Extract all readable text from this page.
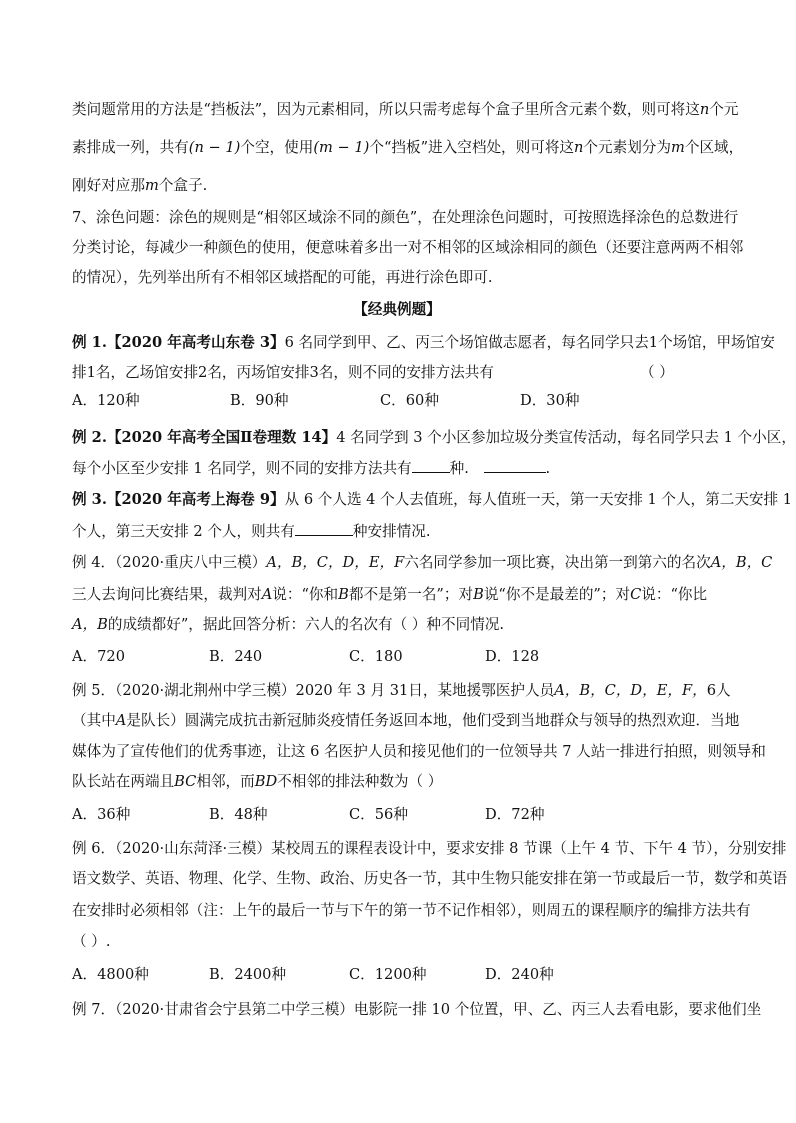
类问题常用的方法是“挡板法”，因为元素相同，所以只需考虑每个盒子里所含元素个数，则可将这n个元
素排成一列，共有(n − 1)个空，使用(m − 1)个“挡板”进入空档处，则可将这n个元素划分为m个区域，
刚好对应那m个盒子.
7、涂色问题：涂色的规则是“相邻区域涂不同的颜色”，在处理涂色问题时，可按照选择涂色的总数进行
分类讨论，每减少一种颜色的使用，便意味着多出一对不相邻的区域涂相同的颜色（还要注意两两不相邻
的情况），先列举出所有不相邻区域搭配的可能，再进行涂色即可.
【经典例题】
例 1.【2020 年高考山东卷 3】6 名同学到甲、乙、丙三个场馆做志愿者，每名同学只去1个场馆，甲场馆安
排1名，乙场馆安排2名，丙场馆安排3名，则不同的安排方法共有	（ ）
A．120种	B．90种	C．60种	D．30种
例 2.【2020 年高考全国Ⅱ卷理数 14】4 名同学到 3 个小区参加垃圾分类宣传活动，每名同学只去 1 个小区，
每个小区至少安排 1 名同学，则不同的安排方法共有	种.	.
例 3.【2020 年高考上海卷 9】从 6 个人选 4 个人去值班，每人值班一天，第一天安排 1 个人，第二天安排 1
个人，第三天安排 2 个人，则共有	种安排情况.
例 4．（2020·重庆八中三模）A，B，C，D，E，F六名同学参加一项比赛，决出第一到第六的名次A，B，C
三人去询问比赛结果，裁判对A说：“你和B都不是第一名”；对B说“你不是最差的”；对C说：“你比
A，B的成绩都好”，据此回答分析：六人的名次有（ ）种不同情况.
A．720	B．240	C．180	D．128
例 5．（2020·湖北荆州中学三模）2020 年 3 月 31日，某地援鄂医护人员A，B，C，D，E，F，6人
（其中A是队长）圆满完成抗击新冠肺炎疫情任务返回本地，他们受到当地群众与领导的热烈欢迎．当地
媒体为了宣传他们的优秀事迹，让这 6 名医护人员和接见他们的一位领导共 7 人站一排进行拍照，则领导和
队长站在两端且BC相邻，而BD不相邻的排法种数为（ ）
A．36种	B．48种	C．56种	D．72种
例 6．（2020·山东菏泽·三模）某校周五的课程表设计中，要求安排 8 节课（上午 4 节、下午 4 节），分别安排
语文数学、英语、物理、化学、生物、政治、历史各一节，其中生物只能安排在第一节或最后一节，数学和英语
在安排时必须相邻（注：上午的最后一节与下午的第一节不记作相邻），则周五的课程顺序的编排方法共有
（ ）.
A．4800种	B．2400种	C．1200种	D．240种
例 7．（2020·甘肃省会宁县第二中学三模）电影院一排 10 个位置，甲、乙、丙三人去看电影，要求他们坐
